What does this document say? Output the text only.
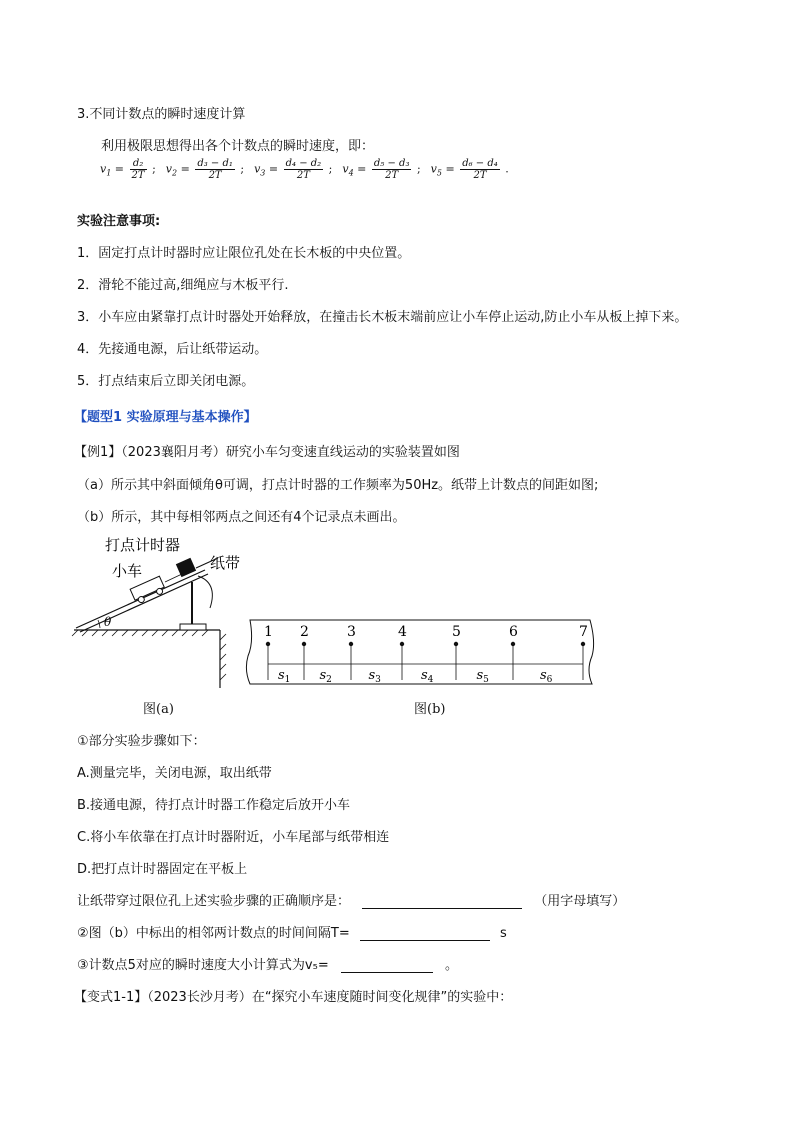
3.不同计数点的瞬时速度计算
利用极限思想得出各个计数点的瞬时速度，即：
$v_1 = \frac{\text{d₂}}{2T}$ ; $v_2 = \frac{\text{d₃ − d₁}}{2T}$ ; $v_3 = \frac{\text{d₄ − d₂}}{2T}$ ; $v_4 = \frac{\text{d₅ − d₃}}{2T}$ ; $v_5 = \frac{\text{d₆ − d₄}}{2T}$ .
实验注意事项:
1．固定打点计时器时应让限位孔处在长木板的中央位置。
2．滑轮不能过高,细绳应与木板平行.
3．小车应由紧靠打点计时器处开始释放，在撞击长木板末端前应让小车停止运动,防止小车从板上掉下来。
4．先接通电源，后让纸带运动。
5．打点结束后立即关闭电源。
【题型1 实验原理与基本操作】
【例1】（2023襄阳月考）研究小车匀变速直线运动的实验装置如图
（a）所示其中斜面倾角θ可调，打点计时器的工作频率为50Hz。纸带上计数点的间距如图;
（b）所示，其中每相邻两点之间还有4个记录点未画出。
打点计时器
小车	纸带
θ
图(a)
1 2	3	4	5	6	7
$s_1$ $s_2$	$s_3$	$s_4$	$s_5$	$s_6$
图(b)
①部分实验步骤如下：
A.测量完毕，关闭电源，取出纸带
B.接通电源，待打点计时器工作稳定后放开小车
C.将小车依靠在打点计时器附近，小车尾部与纸带相连
D.把打点计时器固定在平板上
让纸带穿过限位孔上述实验步骤的正确顺序是：	（用字母填写）
②图（b）中标出的相邻两计数点的时间间隔T=	s
③计数点5对应的瞬时速度大小计算式为v₅=	。
【变式1-1】（2023长沙月考）在“探究小车速度随时间变化规律”的实验中：
